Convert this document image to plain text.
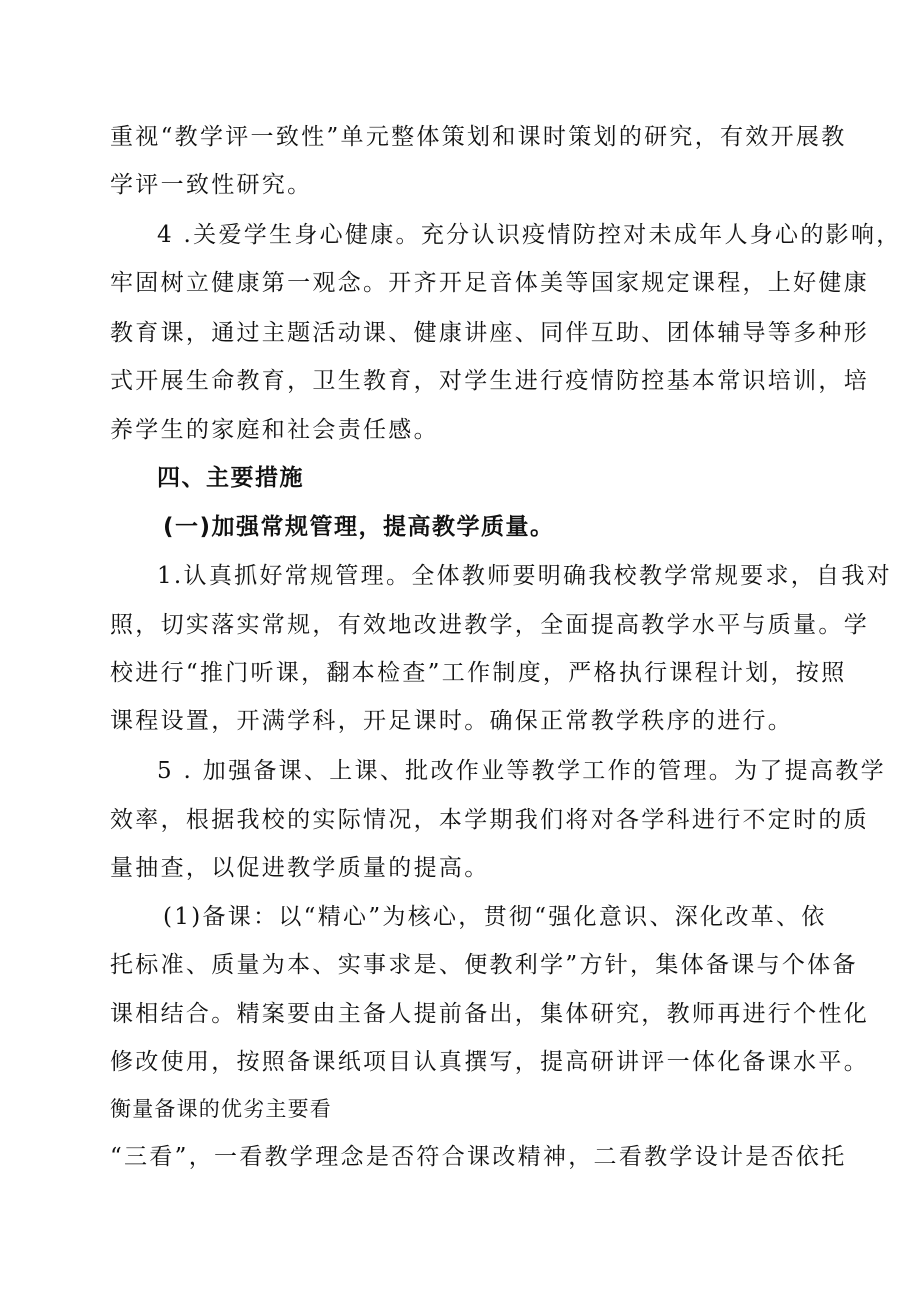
重视“教学评一致性”单元整体策划和课时策划的研究，有效开展教

学评一致性研究。

4 .关爱学生身心健康。充分认识疫情防控对未成年人身心的影响，

牢固树立健康第一观念。开齐开足音体美等国家规定课程，上好健康

教育课，通过主题活动课、健康讲座、同伴互助、团体辅导等多种形

式开展生命教育，卫生教育，对学生进行疫情防控基本常识培训，培

养学生的家庭和社会责任感。

四、主要措施

(一)加强常规管理，提高教学质量。

1.认真抓好常规管理。全体教师要明确我校教学常规要求，自我对

照，切实落实常规，有效地改进教学，全面提高教学水平与质量。学

校进行“推门听课，翻本检查”工作制度，严格执行课程计划，按照

课程设置，开满学科，开足课时。确保正常教学秩序的进行。

5 . 加强备课、上课、批改作业等教学工作的管理。为了提高教学

效率，根据我校的实际情况，本学期我们将对各学科进行不定时的质

量抽查，以促进教学质量的提高。

(1)备课：以“精心”为核心，贯彻“强化意识、深化改革、依

托标准、质量为本、实事求是、便教利学”方针，集体备课与个体备

课相结合。精案要由主备人提前备出，集体研究，教师再进行个性化

修改使用，按照备课纸项目认真撰写，提高研讲评一体化备课水平。

衡量备课的优劣主要看

“三看”，一看教学理念是否符合课改精神，二看教学设计是否依托
